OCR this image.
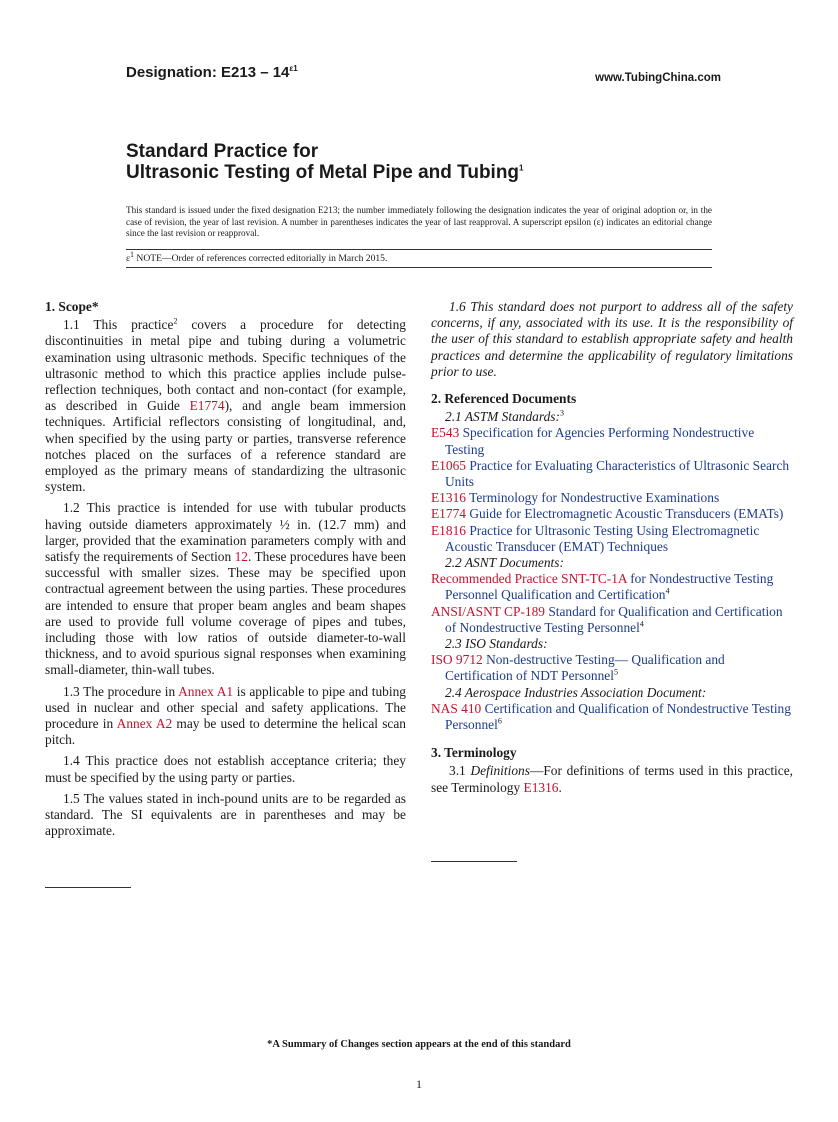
Designation: $E213 - 14^{\varepsilon 1}$
www.TubingChina.com
Standard Practice for
Ultrasonic Testing of Metal Pipe and Tubing$^1$
This standard is issued under the fixed designation E213; the number immediately following the designation indicates the year of original adoption or, in the case of revision, the year of last revision. A number in parentheses indicates the year of last reapproval. A superscript epsilon (ε) indicates an editorial change since the last revision or reapproval.
$\varepsilon^1$ NOTE—Order of references corrected editorially in March 2015.

1. Scope*

1.1 This practice$^2$ covers a procedure for detecting discontinuities in metal pipe and tubing during a volumetric examination using ultrasonic methods. Specific techniques of the ultrasonic method to which this practice applies include pulse-reflection techniques, both contact and non-contact (for example, as described in Guide E1774), and angle beam immersion techniques. Artificial reflectors consisting of longitudinal, and, when specified by the using party or parties, transverse reference notches placed on the surfaces of a reference standard are employed as the primary means of standardizing the ultrasonic system.

1.2 This practice is intended for use with tubular products having outside diameters approximately ½ in. (12.7 mm) and larger, provided that the examination parameters comply with and satisfy the requirements of Section 12. These procedures have been successful with smaller sizes. These may be specified upon contractual agreement between the using parties. These procedures are intended to ensure that proper beam angles and beam shapes are used to provide full volume coverage of pipes and tubes, including those with low ratios of outside diameter-to-wall thickness, and to avoid spurious signal responses when examining small-diameter, thin-wall tubes.

1.3 The procedure in Annex A1 is applicable to pipe and tubing used in nuclear and other special and safety applications. The procedure in Annex A2 may be used to determine the helical scan pitch.

1.4 This practice does not establish acceptance criteria; they must be specified by the using party or parties.

1.5 The values stated in inch-pound units are to be regarded as standard. The SI equivalents are in parentheses and may be approximate.

1.6 This standard does not purport to address all of the safety concerns, if any, associated with its use. It is the responsibility of the user of this standard to establish appropriate safety and health practices and determine the applicability of regulatory limitations prior to use.

2. Referenced Documents

2.1 ASTM Standards:$^3$

E543 Specification for Agencies Performing Nondestructive Testing

E1065 Practice for Evaluating Characteristics of Ultrasonic Search Units

E1316 Terminology for Nondestructive Examinations

E1774 Guide for Electromagnetic Acoustic Transducers (EMATs)

E1816 Practice for Ultrasonic Testing Using Electromagnetic Acoustic Transducer (EMAT) Techniques

2.2 ASNT Documents:

Recommended Practice SNT-TC-1A for Nondestructive Testing Personnel Qualification and Certification$^4$

ANSI/ASNT CP-189 Standard for Qualification and Certification of Nondestructive Testing Personnel$^4$

2.3 ISO Standards:

ISO 9712 Non-destructive Testing— Qualification and Certification of NDT Personnel$^5$

2.4 Aerospace Industries Association Document:

NAS 410 Certification and Qualification of Nondestructive Testing Personnel$^6$

3. Terminology

3.1 Definitions—For definitions of terms used in this practice, see Terminology E1316.

*A Summary of Changes section appears at the end of this standard
1
